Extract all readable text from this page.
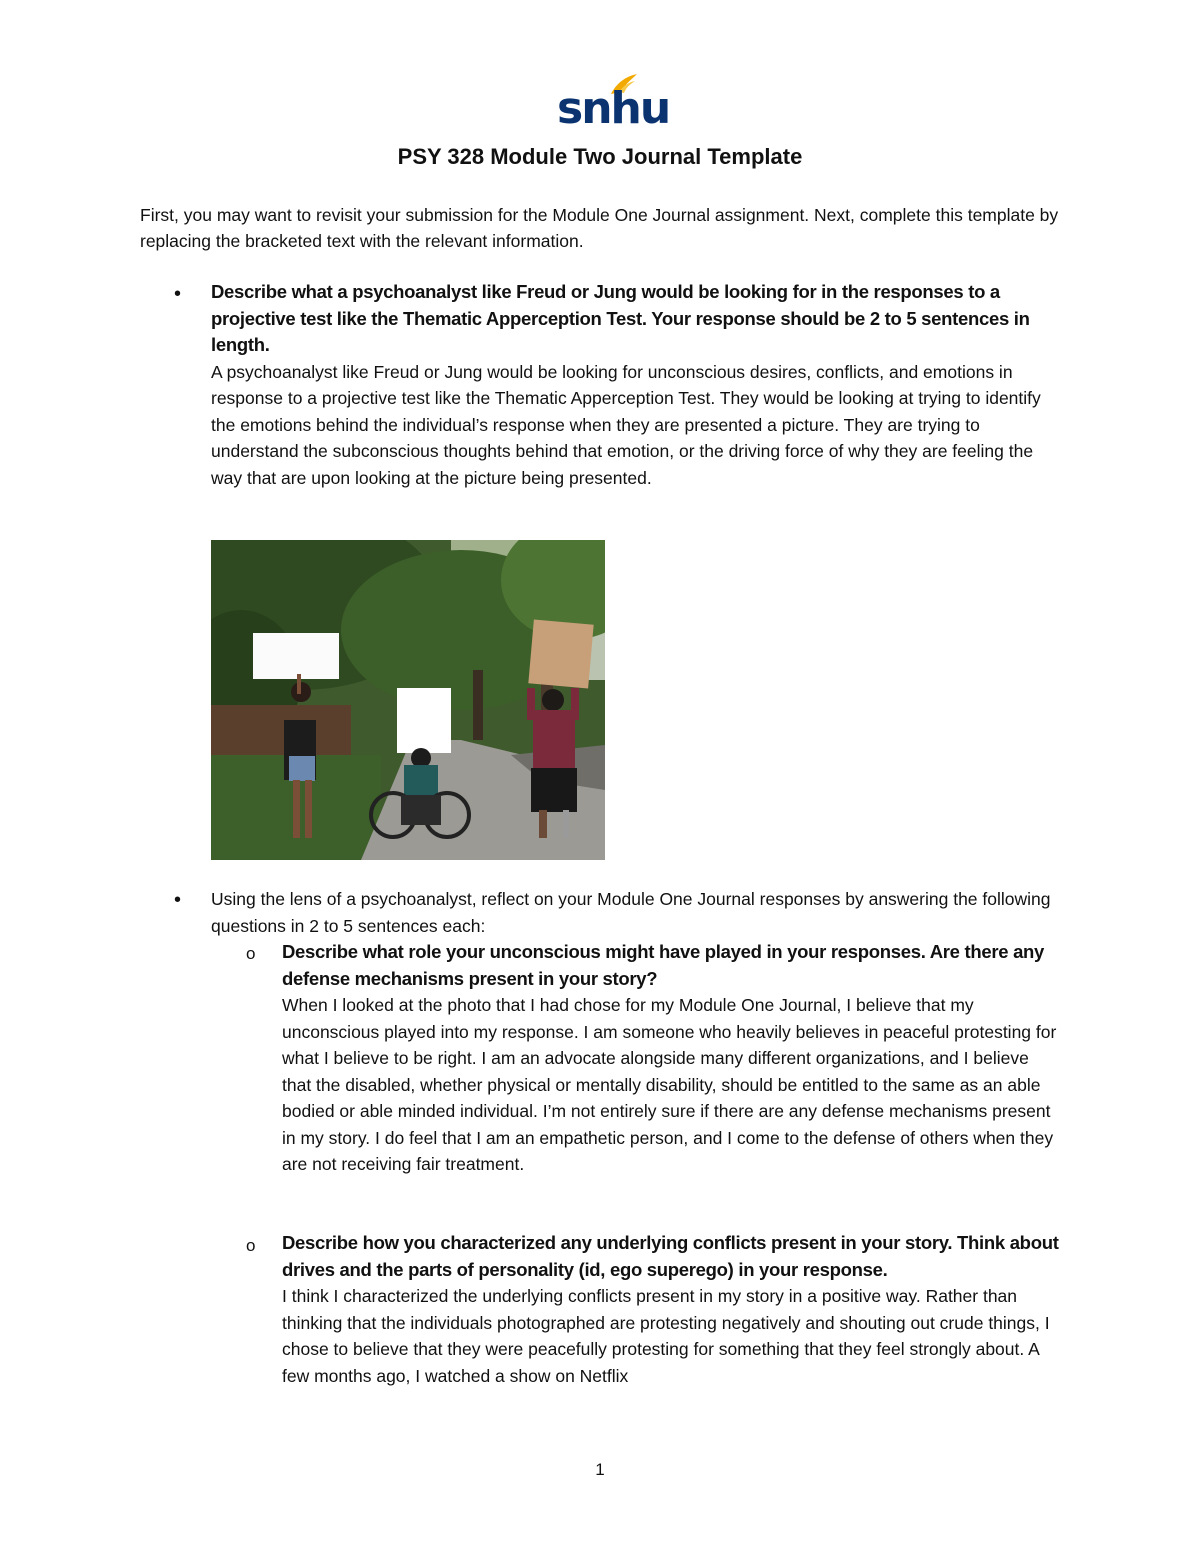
snhu
PSY 328 Module Two Journal Template
First, you may want to revisit your submission for the Module One Journal assignment. Next, complete this template by replacing the bracketed text with the relevant information.
• Describe what a psychoanalyst like Freud or Jung would be looking for in the responses to a projective test like the Thematic Apperception Test. Your response should be 2 to 5 sentences in length.

A psychoanalyst like Freud or Jung would be looking for unconscious desires, conflicts, and emotions in response to a projective test like the Thematic Apperception Test. They would be looking at trying to identify the emotions behind the individual’s response when they are presented a picture. They are trying to understand the subconscious thoughts behind that emotion, or the driving force of why they are feeling the way that are upon looking at the picture being presented.

• Using the lens of a psychoanalyst, reflect on your Module One Journal responses by answering the following questions in 2 to 5 sentences each:
o Describe what role your unconscious might have played in your responses. Are there any defense mechanisms present in your story?

When I looked at the photo that I had chose for my Module One Journal, I believe that my unconscious played into my response. I am someone who heavily believes in peaceful protesting for what I believe to be right. I am an advocate alongside many different organizations, and I believe that the disabled, whether physical or mentally disability, should be entitled to the same as an able bodied or able minded individual. I’m not entirely sure if there are any defense mechanisms present in my story. I do feel that I am an empathetic person, and I come to the defense of others when they are not receiving fair treatment.

o Describe how you characterized any underlying conflicts present in your story. Think about drives and the parts of personality (id, ego superego) in your response.

I think I characterized the underlying conflicts present in my story in a positive way. Rather than thinking that the individuals photographed are protesting negatively and shouting out crude things, I chose to believe that they were peacefully protesting for something that they feel strongly about. A few months ago, I watched a show on Netflix

1
